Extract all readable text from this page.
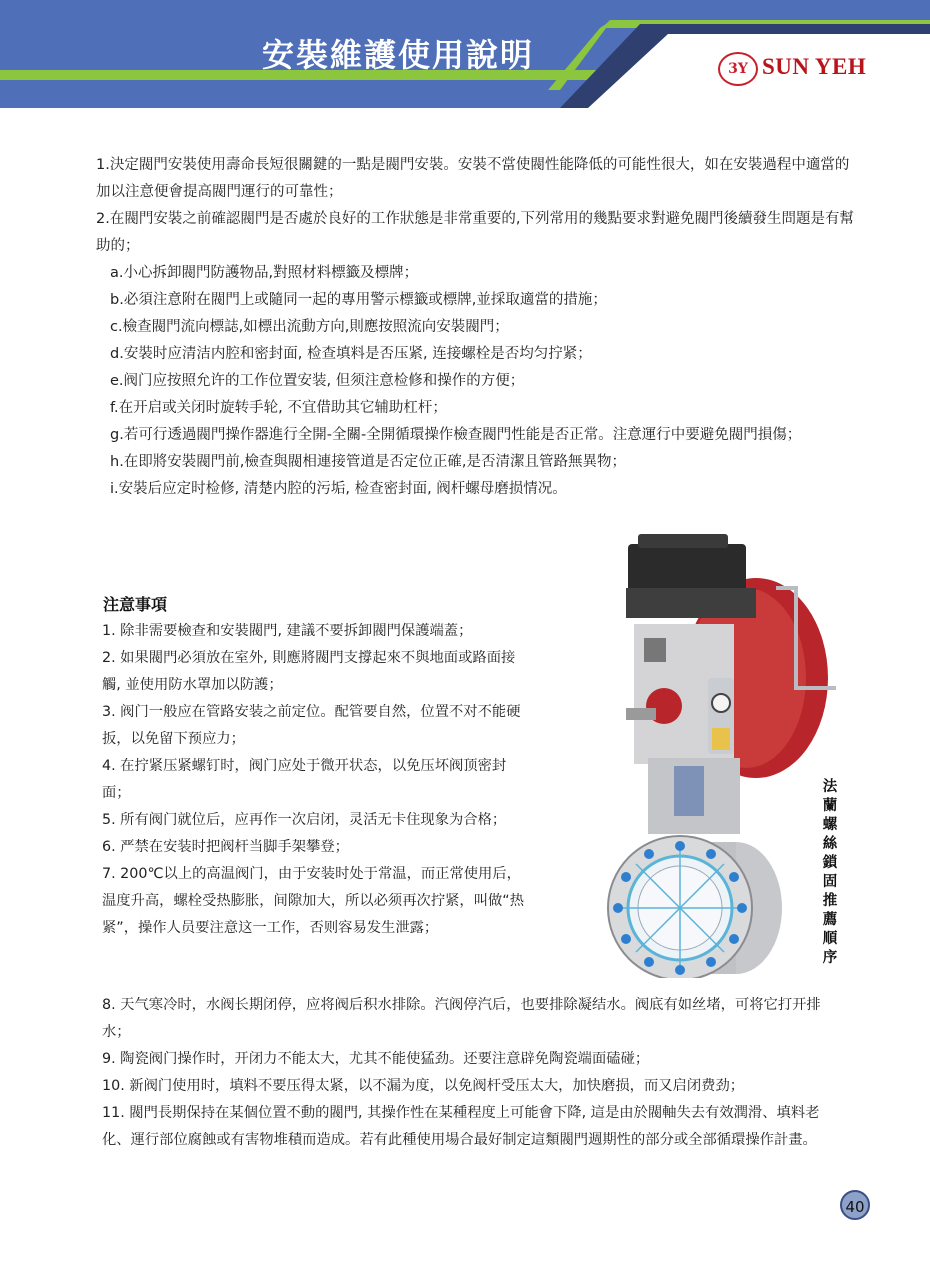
安裝維護使用說明	3Y SUN YEH

1.決定閥門安裝使用壽命長短很關鍵的一點是閥門安裝。安裝不當使閥性能降低的可能性很大，如在安裝過程中適當的加以注意便會提高閥門運行的可靠性；

2.在閥門安裝之前確認閥門是否處於良好的工作狀態是非常重要的,下列常用的幾點要求對避免閥門後續發生問題是有幫助的；

a.小心拆卸閥門防護物品,對照材料標籤及標牌；

b.必須注意附在閥門上或隨同一起的專用警示標籤或標牌,並採取適當的措施；

c.檢查閥門流向標誌,如標出流動方向,則應按照流向安裝閥門；

d.安裝时应清洁内腔和密封面, 检查填料是否压紧, 连接螺栓是否均匀拧紧；

e.阀门应按照允许的工作位置安装, 但须注意检修和操作的方便；

f.在开启或关闭时旋转手轮, 不宜借助其它辅助杠杆；

g.若可行透過閥門操作器進行全開-全關-全開循環操作檢查閥門性能是否正常。注意運行中要避免閥門損傷；

h.在即將安裝閥門前,檢查與閥相連接管道是否定位正確,是否清潔且管路無異物；

ⅰ.安裝后应定时检修, 清楚内腔的污垢, 检查密封面, 阀杆螺母磨损情况。

注意事項

1. 除非需要檢查和安裝閥門, 建議不要拆卸閥門保護端蓋；

2. 如果閥門必須放在室外, 則應將閥門支撐起來不與地面或路面接觸, 並使用防水罩加以防護；

3. 阀门一般应在管路安装之前定位。配管要自然，位置不对不能硬扳，以免留下预应力；

4. 在拧紧压紧螺钉时，阀门应处于微开状态，以免压坏阀顶密封面；

5. 所有阀门就位后，应再作一次启闭，灵活无卡住现象为合格；

6. 严禁在安装时把阀杆当脚手架攀登；

7. 200℃以上的高温阀门，由于安装时处于常温，而正常使用后，温度升高，螺栓受热膨胀，间隙加大，所以必须再次拧紧，叫做“热紧”，操作人员要注意这一工作，否则容易发生泄露；

8. 天气寒冷时，水阀长期闭停，应将阀后积水排除。汽阀停汽后，也要排除凝结水。阀底有如丝堵，可将它打开排水；

9. 陶瓷阀门操作时，开闭力不能太大，尤其不能使猛劲。还要注意辟免陶瓷端面磕碰；

10. 新阀门使用时，填料不要压得太紧，以不漏为度，以免阀杆受压太大，加快磨损，而又启闭费劲；

11. 閥門長期保持在某個位置不動的閥門, 其操作性在某種程度上可能會下降, 這是由於閥軸失去有效潤滑、填料老化、運行部位腐蝕或有害物堆積而造成。若有此種使用場合最好制定這類閥門週期性的部分或全部循環操作計畫。

法蘭螺絲鎖固推薦順序
40
